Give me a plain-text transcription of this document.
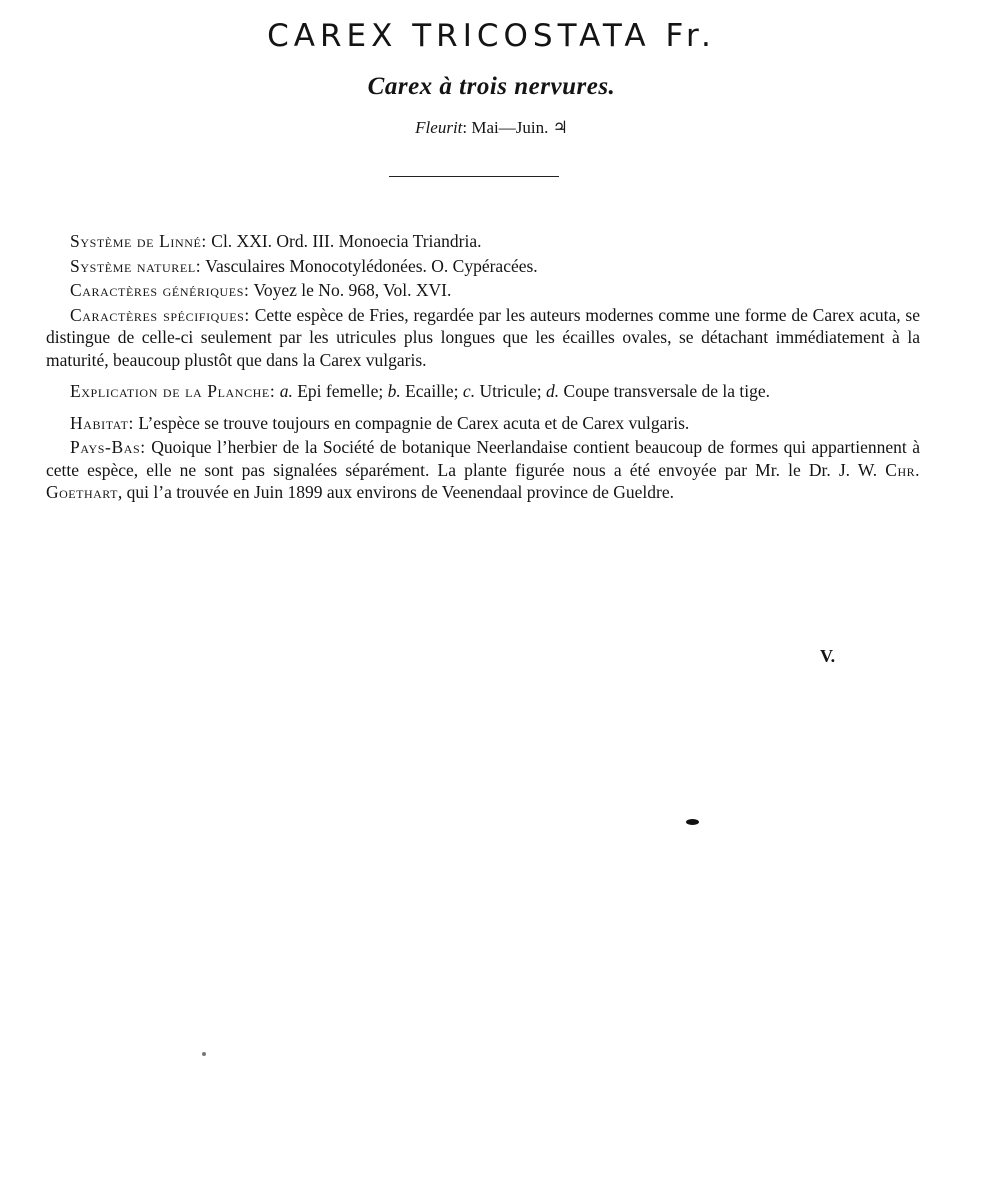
CAREX TRICOSTATA Fr.
Carex à trois nervures.

Fleurit: Mai—Juin. ♃

Système de Linné: Cl. XXI. Ord. III. Monoecia Triandria.

Système naturel: Vasculaires Monocotylédonées. O. Cypéracées.

Caractères génériques: Voyez le No. 968, Vol. XVI.

Caractères spécifiques: Cette espèce de Fries, regardée par les auteurs modernes comme une forme de Carex acuta, se distingue de celle-ci seulement par les utricules plus longues que les écailles ovales, se détachant immédiatement à la maturité, beaucoup plustôt que dans la Carex vulgaris.

Explication de la Planche: a. Epi femelle; b. Ecaille; c. Utricule; d. Coupe transversale de la tige.

Habitat: L’espèce se trouve toujours en compagnie de Carex acuta et de Carex vulgaris.

Pays-Bas: Quoique l’herbier de la Société de botanique Neerlandaise contient beaucoup de formes qui appartiennent à cette espèce, elle ne sont pas signalées séparément. La plante figurée nous a été envoyée par Mr. le Dr. J. W. Chr. Goethart, qui l’a trouvée en Juin 1899 aux environs de Veenendaal province de Gueldre.

V.
